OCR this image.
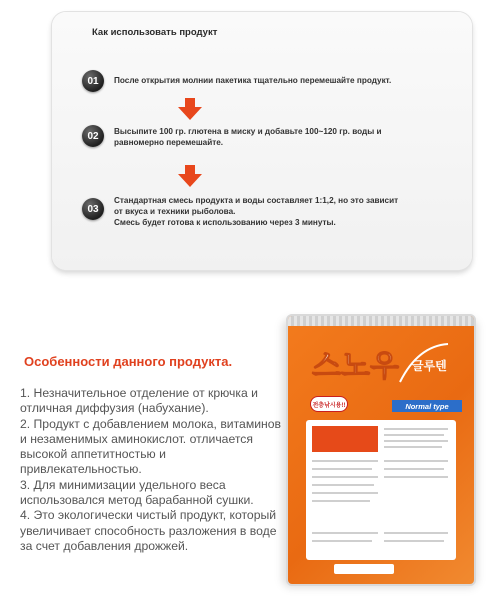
Как использовать продукт
01	После открытия молнии пакетика тщательно перемешайте продукт.

02	Высыпите 100 гр. глютена в миску и добавьте 100~120 гр. воды и

равномерно перемешайте.

03

Стандартная смесь продукта и воды составляет 1:1,2, но это зависит

от вкуса и техники рыболова.

Смесь будет готова к использованию через 3 минуты.

Особенности данного продукта.

1. Незначительное отделение от крючка и отличная диффузия (набухание).

2. Продукт с добавлением молока, витаминов и незаменимых аминокислот. отличается высокой аппетитностью и привлекательностью.

3. Для минимизации удельного веса использовался метод барабанной сушки.

4. Это экологически чистый продукт, который увеличивает способность разложения в воде за счет добавления дрожжей.

스노우 글루텐
전층낚시용!!	Normal type
